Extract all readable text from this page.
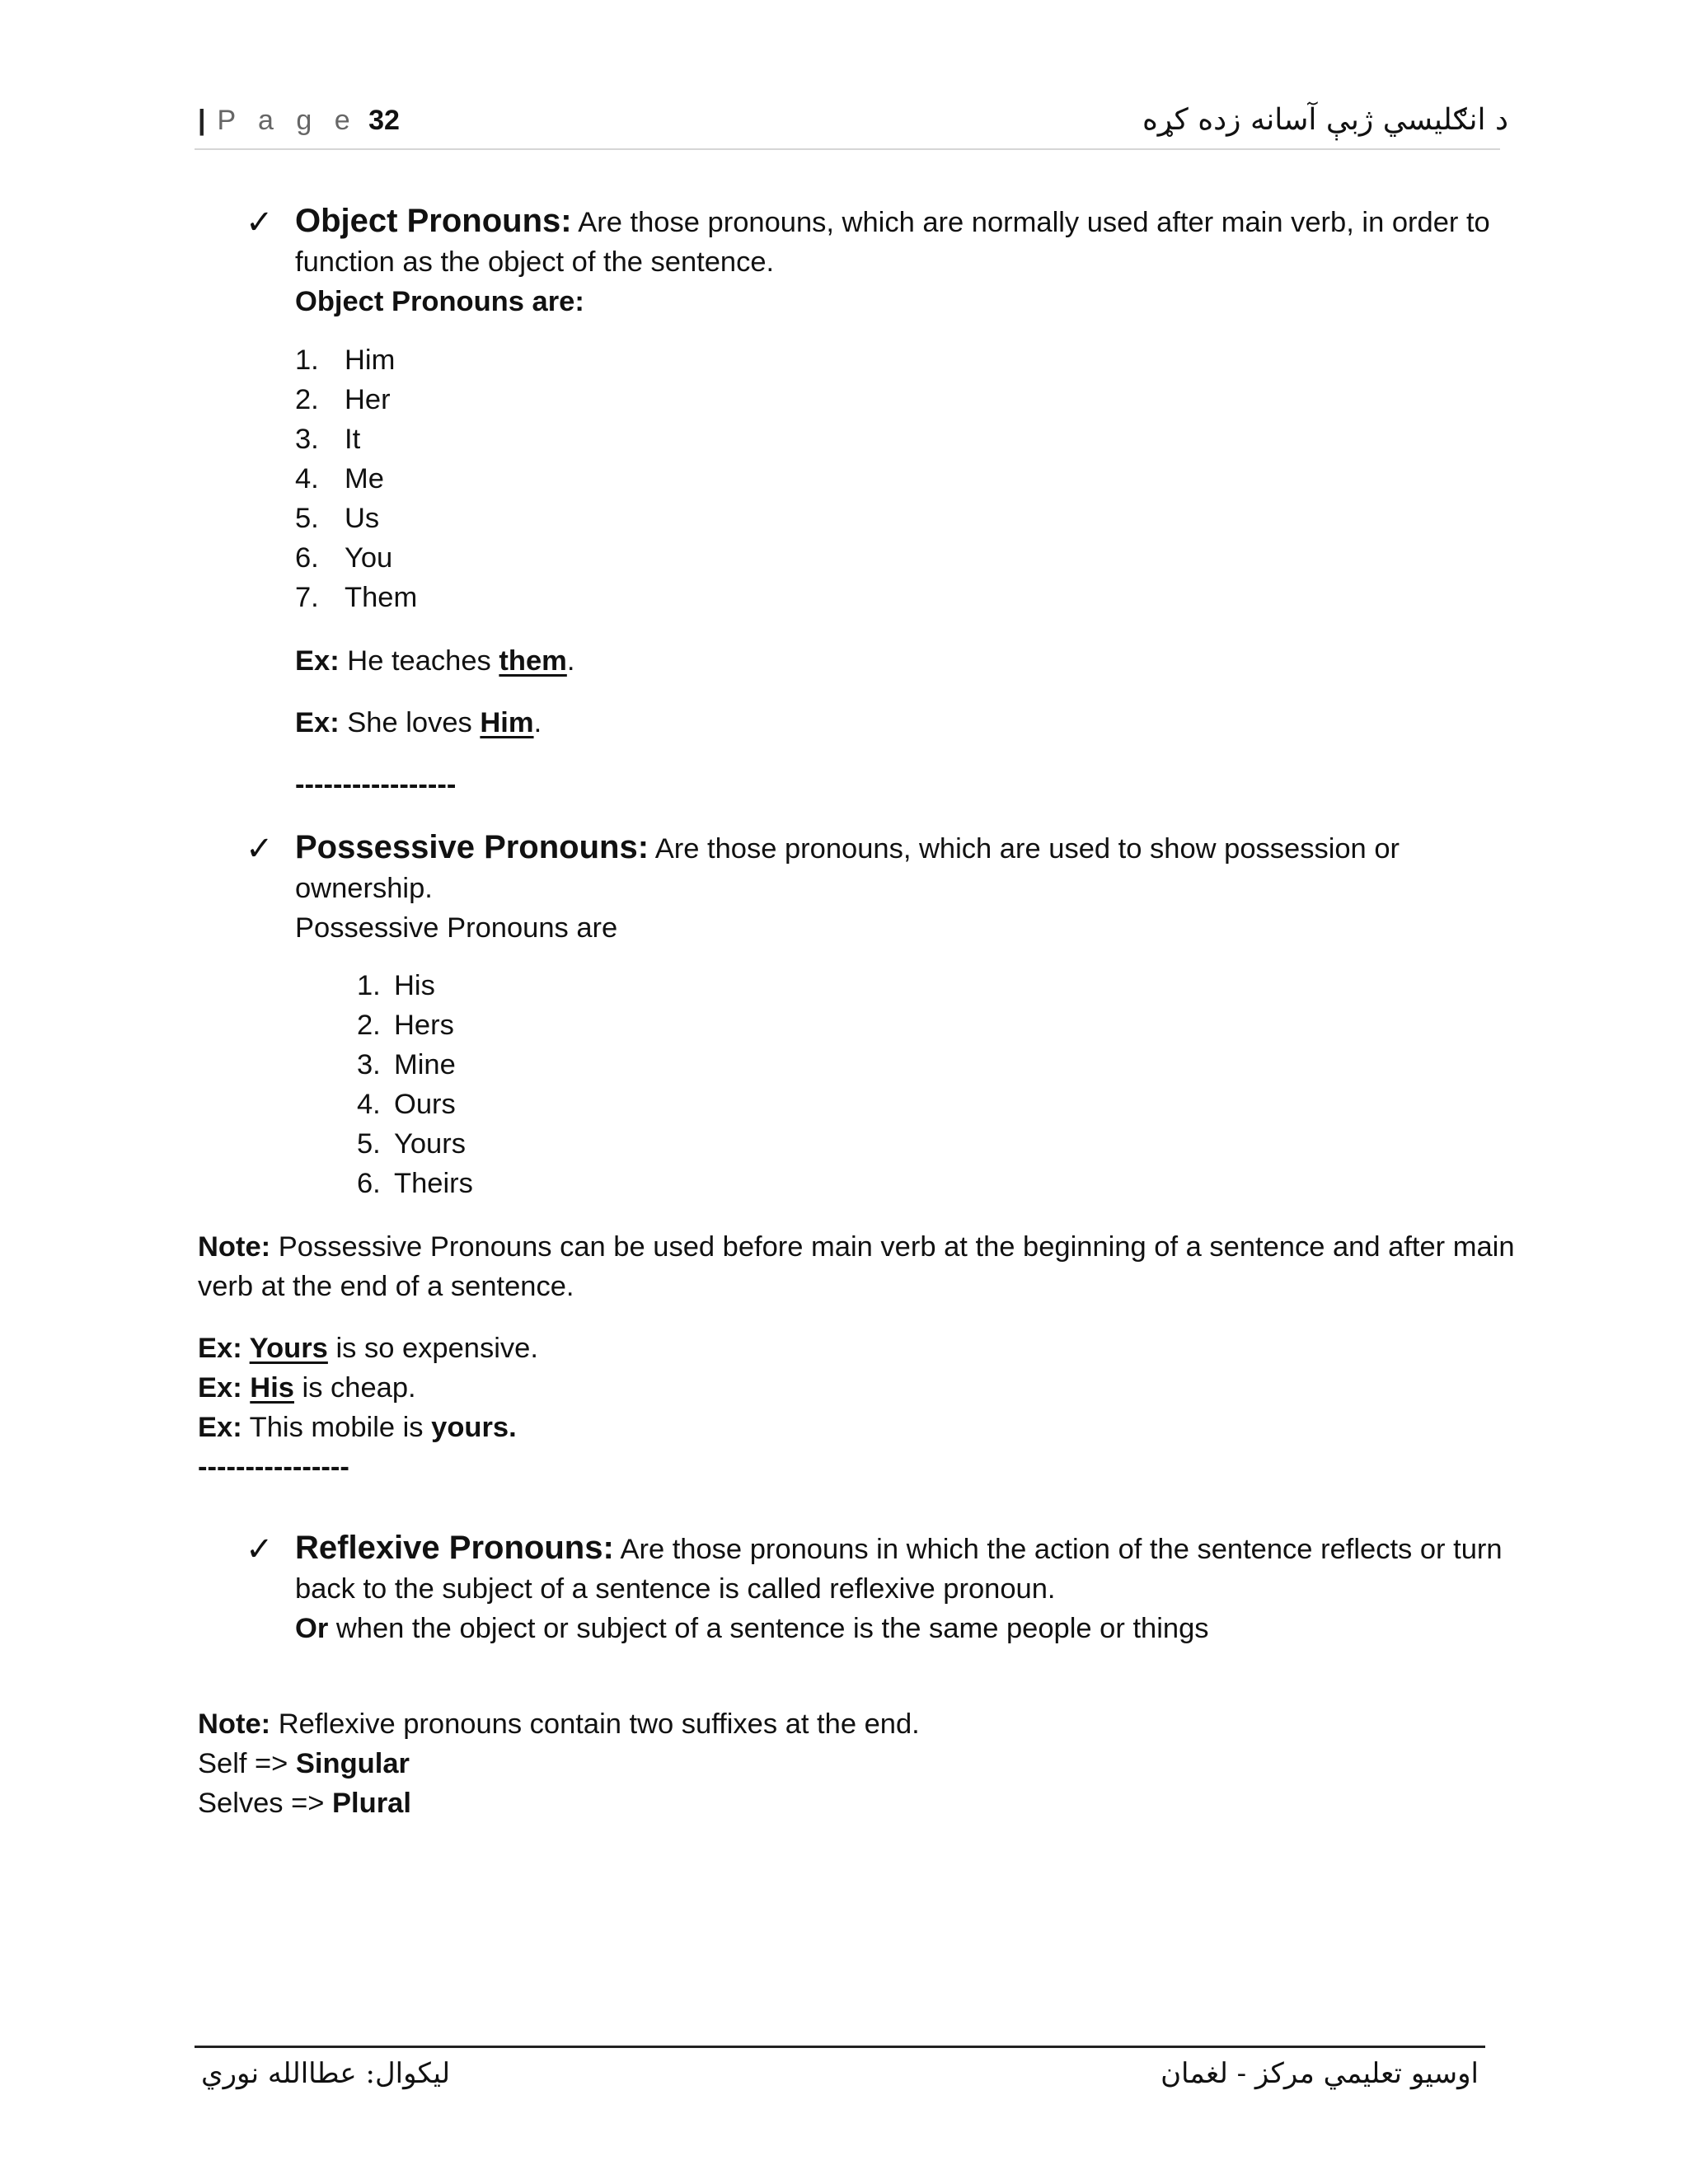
| P a g e 32	د انګليسي ژبې آسانه زده کړه
✓ Object Pronouns: Are those pronouns, which are normally used after main verb, in order to
function as the object of the sentence.
Object Pronouns are:
1. Him
2. Her
3. It
4. Me
5. Us
6. You
7. Them
Ex: He teaches them.
Ex: She loves Him.
-----------------
✓ Possessive Pronouns: Are those pronouns, which are used to show possession or
ownership.
Possessive Pronouns are
1. His
2. Hers
3. Mine
4. Ours
5. Yours
6. Theirs
Note: Possessive Pronouns can be used before main verb at the beginning of a sentence and after main
verb at the end of a sentence.
Ex: Yours is so expensive.
Ex: His is cheap.
Ex: This mobile is yours.
----------------
✓ Reflexive Pronouns: Are those pronouns in which the action of the sentence reflects or turn
back to the subject of a sentence is called reflexive pronoun.
Or when the object or subject of a sentence is the same people or things
Note: Reflexive pronouns contain two suffixes at the end.
Self => Singular
Selves => Plural
ليکوال: عطاالله نوري	اوسيو تعليمي مرکز - لغمان
